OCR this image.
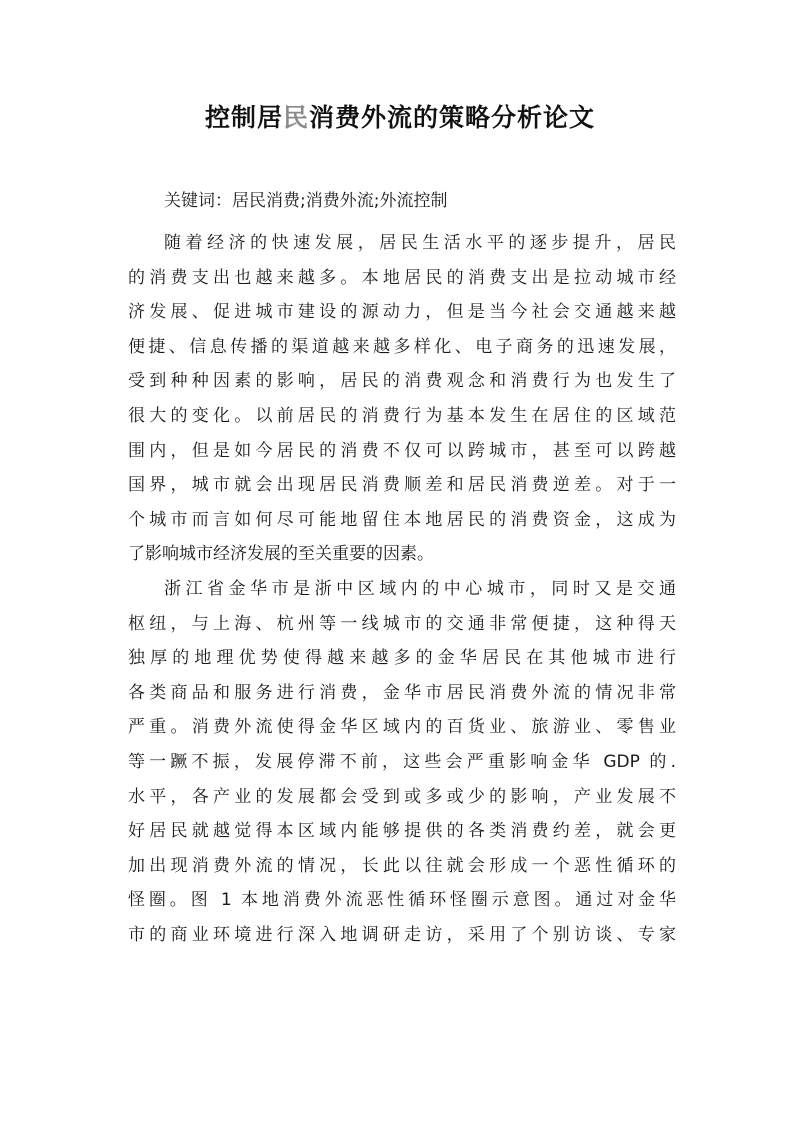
控制居民消费外流的策略分析论文

关键词：居民消费;消费外流;外流控制

随着经济的快速发展，居民生活水平的逐步提升，居民
的消费支出也越来越多。本地居民的消费支出是拉动城市经
济发展、促进城市建设的源动力，但是当今社会交通越来越
便捷、信息传播的渠道越来越多样化、电子商务的迅速发展，
受到种种因素的影响，居民的消费观念和消费行为也发生了
很大的变化。以前居民的消费行为基本发生在居住的区域范
围内，但是如今居民的消费不仅可以跨城市，甚至可以跨越
国界，城市就会出现居民消费顺差和居民消费逆差。对于一
个城市而言如何尽可能地留住本地居民的消费资金，这成为
了影响城市经济发展的至关重要的因素。

浙江省金华市是浙中区域内的中心城市，同时又是交通
枢纽，与上海、杭州等一线城市的交通非常便捷，这种得天
独厚的地理优势使得越来越多的金华居民在其他城市进行
各类商品和服务进行消费，金华市居民消费外流的情况非常
严重。消费外流使得金华区域内的百货业、旅游业、零售业
等一蹶不振，发展停滞不前，这些会严重影响金华 GDP 的.
水平，各产业的发展都会受到或多或少的影响，产业发展不
好居民就越觉得本区域内能够提供的各类消费约差，就会更
加出现消费外流的情况，长此以往就会形成一个恶性循环的
怪圈。图 1 本地消费外流恶性循环怪圈示意图。通过对金华
市的商业环境进行深入地调研走访，采用了个别访谈、专家
